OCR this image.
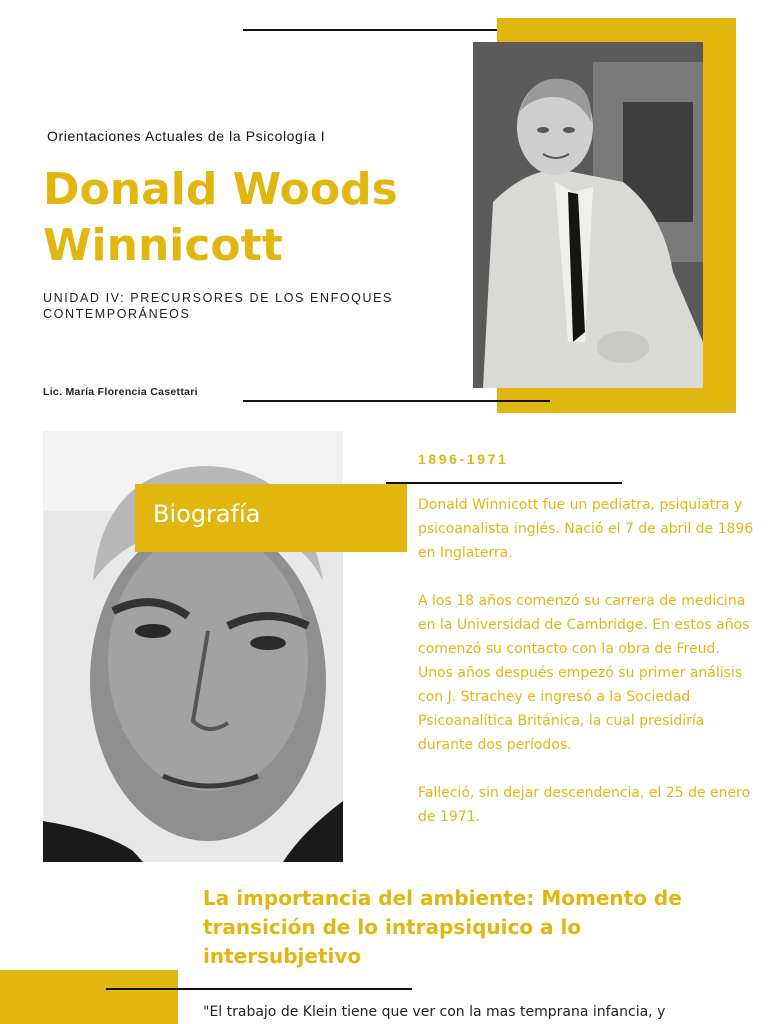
Orientaciones Actuales de la Psicología I
Donald Woods
Winnicott
UNIDAD IV: PRECURSORES DE LOS ENFOQUES
CONTEMPORÁNEOS
Lic. María Florencia Casettari
Biografía
1896-1971

Donald Winnicott fue un pediatra, psiquiatra y psicoanalista inglés. Nació el 7 de abril de 1896 en Inglaterra.

A los 18 años comenzó su carrera de medicina en la Universidad de Cambridge. En estos años comenzó su contacto con la obra de Freud. Unos años después empezó su primer análisis con J. Strachey e ingresó a la Sociedad Psicoanalítica Británica, la cual presidiría durante dos períodos.

Falleció, sin dejar descendencia, el 25 de enero de 1971.

La importancia del ambiente: Momento de transición de lo intrapsiquico a lo intersubjetivo
"El trabajo de Klein tiene que ver con la mas temprana infancia, y
